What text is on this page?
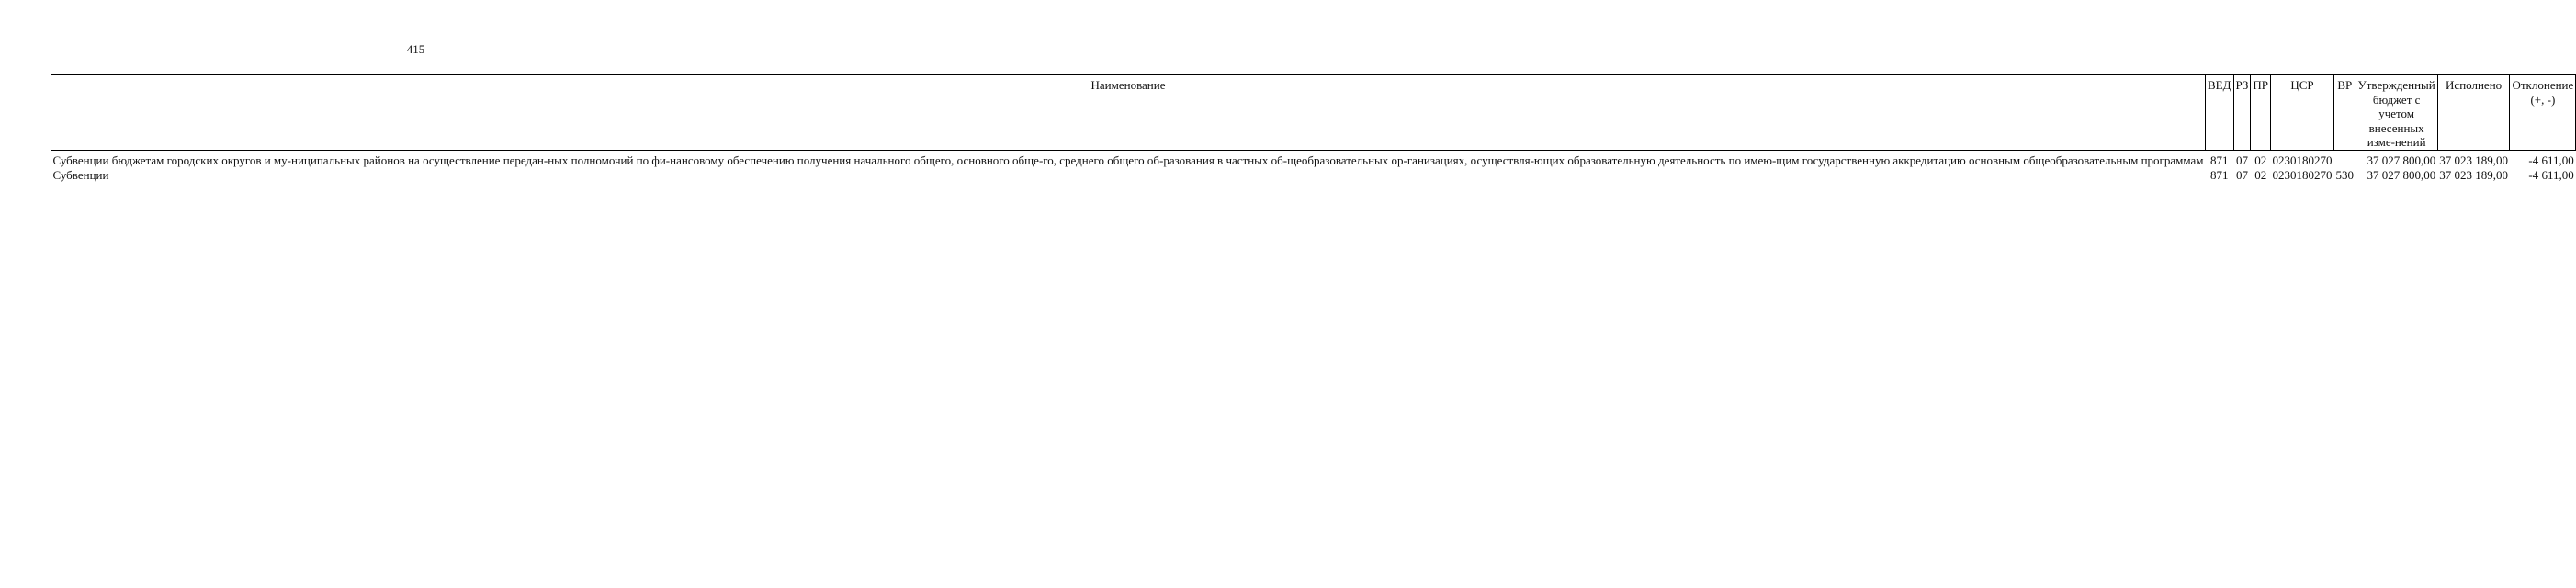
415
Наименование	ВЕД	РЗ	ПР	ЦСР	ВР	Утвержденный бюджет с учетом внесенных изме-нений	Исполнено	Отклонение (+, -)
Субвенции бюджетам городских округов и му-ниципальных районов на осуществление передан-ных полномочий по фи-нансовому обеспечению получения начального общего, основного обще-го, среднего общего об-разования в частных об-щеобразовательных ор-ганизациях, осуществля-ющих образовательную деятельность по имею-щим государственную аккредитацию основным общеобразовательным программам	871	07	02	0230180270		37 027 800,00	37 023 189,00	-4 611,00
Субвенции	871	07	02	0230180270	530	37 027 800,00	37 023 189,00	-4 611,00
